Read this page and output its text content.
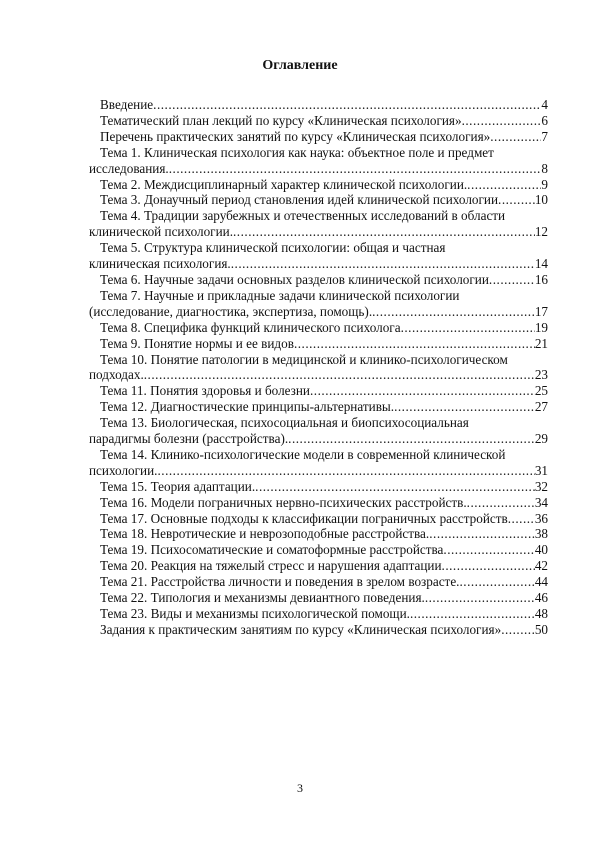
Оглавление
Введение .....	4
Тематический план лекций по курсу «Клиническая психология» .....	6
Перечень практических занятий по курсу «Клиническая психология» .....	7
Тема 1. Клиническая психология как наука: объектное поле и предмет
исследования. .....	8
Тема 2. Междисциплинарный характер клинической психологии. .....	9
Тема 3. Донаучный период становления идей клинической психологии .....	10
Тема 4. Традиции зарубежных и отечественных исследований в области
клинической психологии. .....	12
Тема 5. Структура клинической психологии: общая и частная
клиническая психология. .....	14
Тема 6. Научные задачи основных разделов клинической психологии .....	16
Тема 7. Научные и прикладные задачи клинической психологии
(исследование, диагностика, экспертиза, помощь). .....	17
Тема 8. Специфика функций клинического психолога .....	19
Тема 9. Понятие нормы и ее видов .....	21
Тема 10. Понятие патологии в медицинской и клинико-психологическом
подходах. .....	23
Тема 11. Понятия здоровья и болезни .....	25
Тема 12. Диагностические принципы-альтернативы. .....	27
Тема 13. Биологическая, психосоциальная и биопсихосоциальная
парадигмы болезни (расстройства). .....	29
Тема 14. Клинико-психологические модели в современной клинической
психологии. .....	31
Тема 15. Теория адаптации. .....	32
Тема 16. Модели пограничных нервно-психических расстройств. .....	34
Тема 17. Основные подходы к классификации пограничных расстройств ..... 36
Тема 18. Невротические и неврозоподобные расстройства. .....	38
Тема 19. Психосоматические и соматоформные расстройства .....	40
Тема 20. Реакция на тяжелый стресс и нарушения адаптации .....	42
Тема 21. Расстройства личности и поведения в зрелом возрасте. .....	44
Тема 22. Типология и механизмы девиантного поведения. .....	46
Тема 23. Виды и механизмы психологической помощи. .....	48
Задания к практическим занятиям по курсу «Клиническая психология» .....	50
3
